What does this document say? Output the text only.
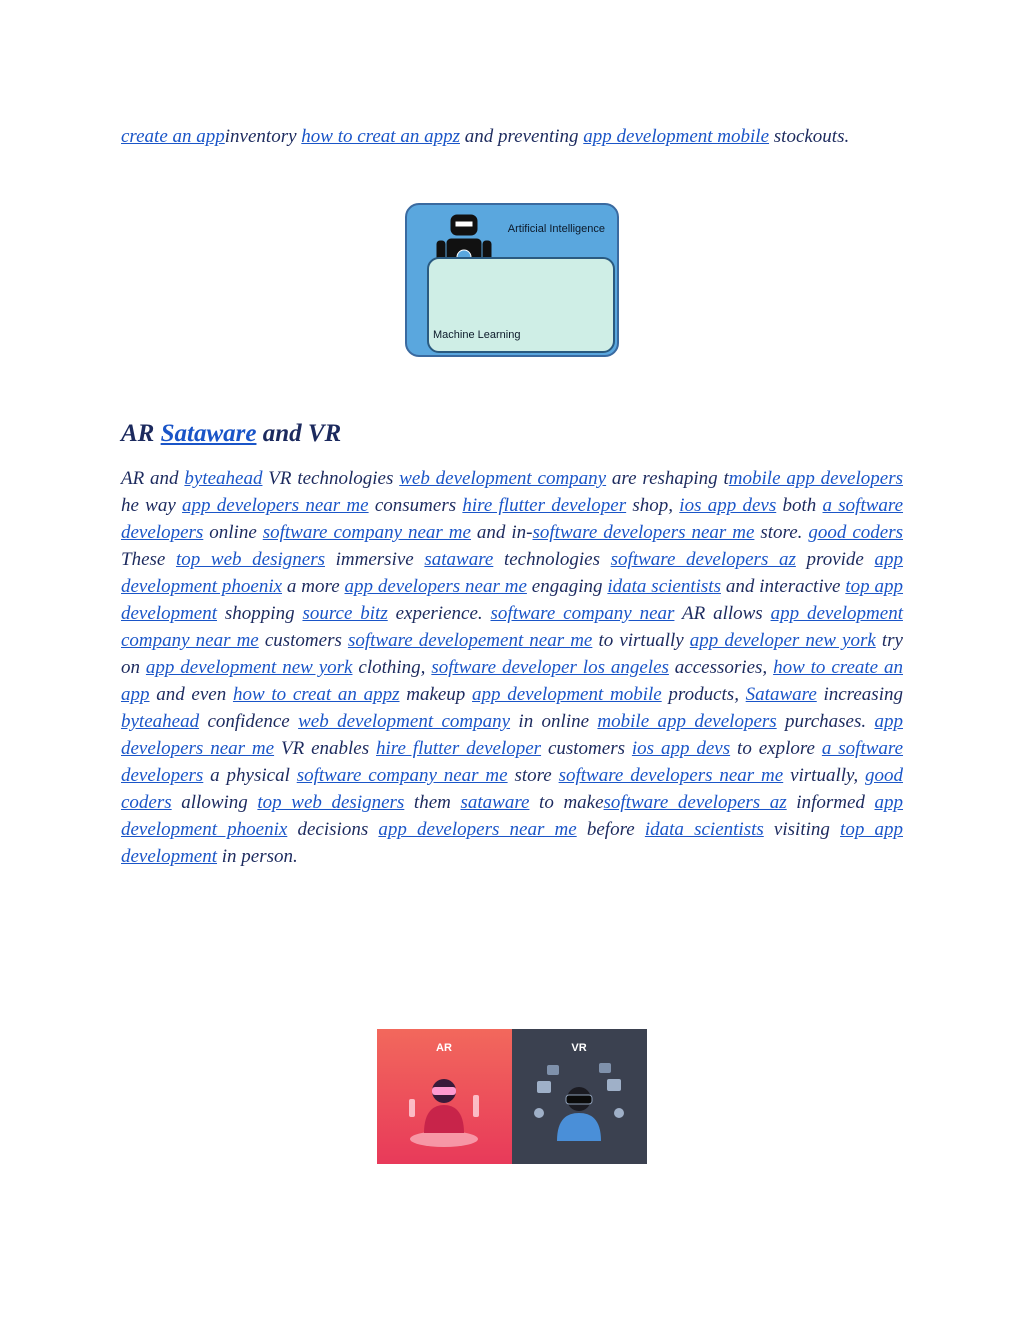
create an appinventory how to creat an appz and preventing app development mobile stockouts.

Artificial Intelligence
Machine Learning
AR Sataware and VR

AR and byteahead VR technologies web development company are reshaping tmobile app developers he way app developers near me consumers hire flutter developer shop, ios app devs both a software developers online software company near me and in-software developers near me store. good coders These top web designers immersive sataware technologies software developers az provide app development phoenix a more app developers near me engaging idata scientists and interactive top app development shopping source bitz experience. software company near AR allows app development company near me customers software developement near me to virtually app developer new york try on app development new york clothing, software developer los angeles accessories, how to create an app and even how to creat an appz makeup app development mobile products, Sataware increasing byteahead confidence web development company in online mobile app developers purchases. app developers near me VR enables hire flutter developer customers ios app devs to explore a software developers a physical software company near me store software developers near me virtually, good coders allowing top web designers them sataware to makesoftware developers az informed app development phoenix decisions app developers near me before idata scientists visiting top app development in person.

AR	VR
